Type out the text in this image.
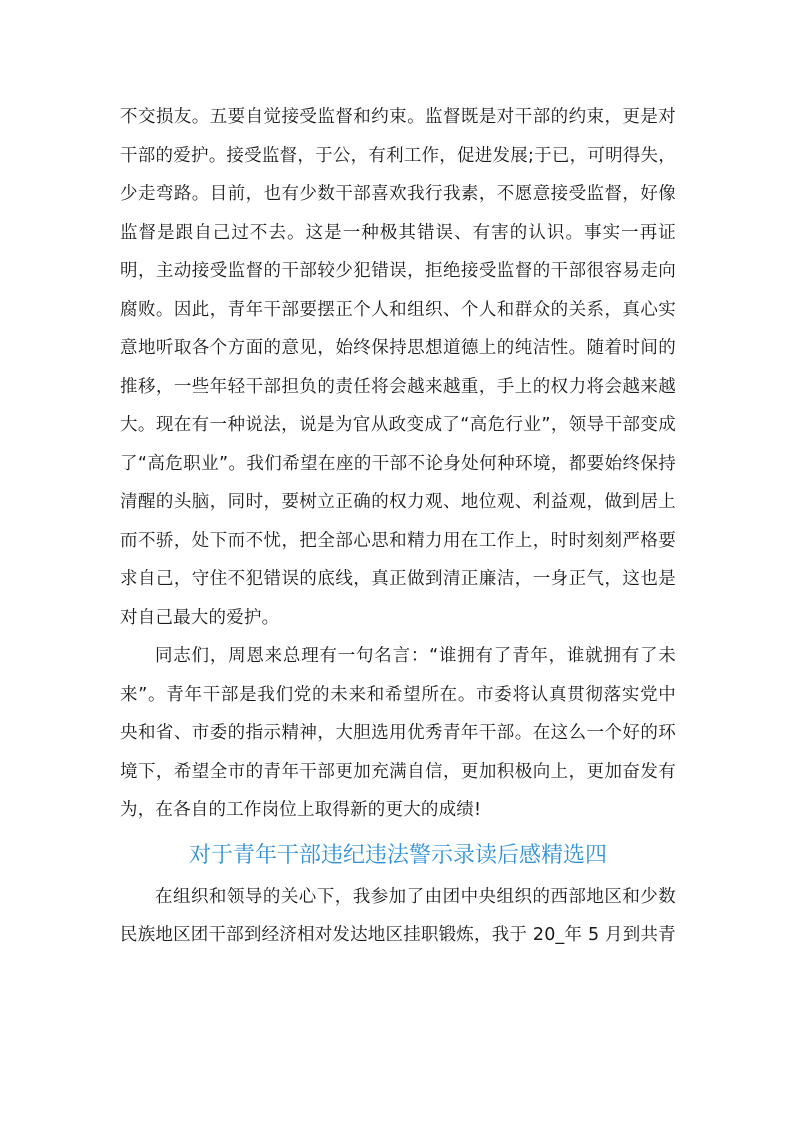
不交损友。五要自觉接受监督和约束。监督既是对干部的约束，更是对干部的爱护。接受监督，于公，有利工作，促进发展;于已，可明得失，少走弯路。目前，也有少数干部喜欢我行我素，不愿意接受监督，好像监督是跟自己过不去。这是一种极其错误、有害的认识。事实一再证明，主动接受监督的干部较少犯错误，拒绝接受监督的干部很容易走向腐败。因此，青年干部要摆正个人和组织、个人和群众的关系，真心实意地听取各个方面的意见，始终保持思想道德上的纯洁性。随着时间的推移，一些年轻干部担负的责任将会越来越重，手上的权力将会越来越大。现在有一种说法，说是为官从政变成了“高危行业”，领导干部变成了“高危职业”。我们希望在座的干部不论身处何种环境，都要始终保持清醒的头脑，同时，要树立正确的权力观、地位观、利益观，做到居上而不骄，处下而不忧，把全部心思和精力用在工作上，时时刻刻严格要求自己，守住不犯错误的底线，真正做到清正廉洁，一身正气，这也是对自己最大的爱护。

同志们，周恩来总理有一句名言：“谁拥有了青年，谁就拥有了未来”。青年干部是我们党的未来和希望所在。市委将认真贯彻落实党中央和省、市委的指示精神，大胆选用优秀青年干部。在这么一个好的环境下，希望全市的青年干部更加充满自信，更加积极向上，更加奋发有为，在各自的工作岗位上取得新的更大的成绩!

对于青年干部违纪违法警示录读后感精选四

在组织和领导的关心下，我参加了由团中央组织的西部地区和少数民族地区团干部到经济相对发达地区挂职锻炼，我于 20_年 5 月到共青
